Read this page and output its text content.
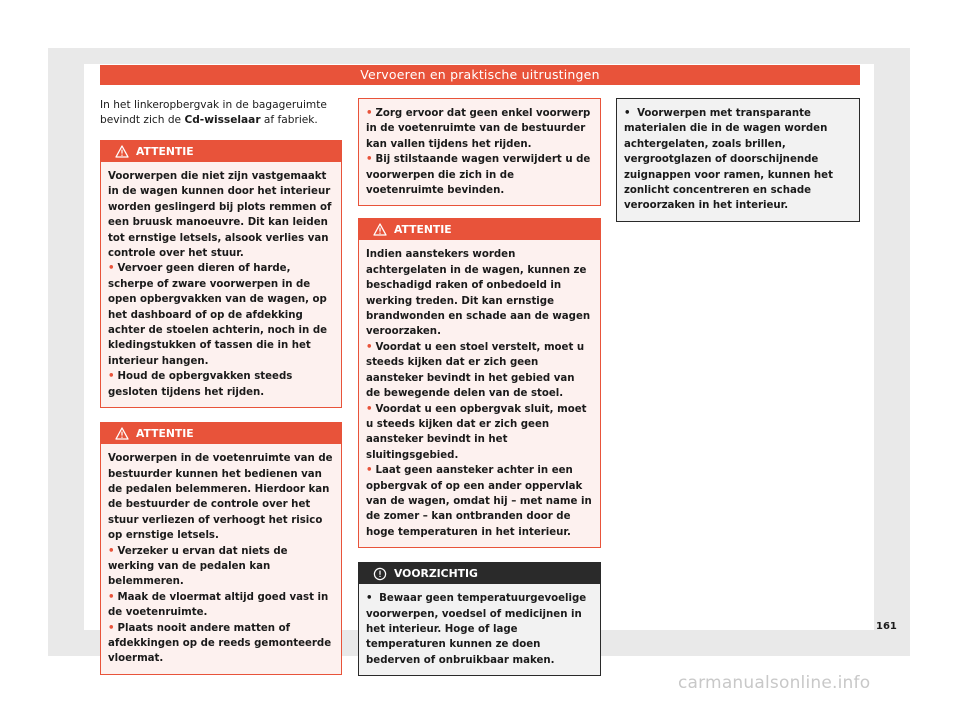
Vervoeren en praktische uitrustingen

In het linkeropbergvak in de bagageruimte bevindt zich de Cd-wisselaar af fabriek.

ATTENTIE

Voorwerpen die niet zijn vastgemaakt in de wagen kunnen door het interieur worden geslingerd bij plots remmen of een bruusk manoeuvre. Dit kan leiden tot ernstige letsels, alsook verlies van controle over het stuur.

• Vervoer geen dieren of harde, scherpe of zware voorwerpen in de open opbergvakken van de wagen, op het dashboard of op de afdekking achter de stoelen achterin, noch in de kledingstukken of tassen die in het interieur hangen.

• Houd de opbergvakken steeds gesloten tijdens het rijden.

ATTENTIE

Voorwerpen in de voetenruimte van de bestuurder kunnen het bedienen van de pedalen belemmeren. Hierdoor kan de bestuurder de controle over het stuur verliezen of verhoogt het risico op ernstige letsels.

• Verzeker u ervan dat niets de werking van de pedalen kan belemmeren.

• Maak de vloermat altijd goed vast in de voetenruimte.

• Plaats nooit andere matten of afdekkingen op de reeds gemonteerde vloermat.

• Zorg ervoor dat geen enkel voorwerp in de voetenruimte van de bestuurder kan vallen tijdens het rijden.

• Bij stilstaande wagen verwijdert u de voorwerpen die zich in de voetenruimte bevinden.

ATTENTIE

Indien aanstekers worden achtergelaten in de wagen, kunnen ze beschadigd raken of onbedoeld in werking treden. Dit kan ernstige brandwonden en schade aan de wagen veroorzaken.

• Voordat u een stoel verstelt, moet u steeds kijken dat er zich geen aansteker bevindt in het gebied van de bewegende delen van de stoel.

• Voordat u een opbergvak sluit, moet u steeds kijken dat er zich geen aansteker bevindt in het sluitingsgebied.

• Laat geen aansteker achter in een opbergvak of op een ander oppervlak van de wagen, omdat hij – met name in de zomer – kan ontbranden door de hoge temperaturen in het interieur.

VOORZICHTIG

• Bewaar geen temperatuurgevoelige voorwerpen, voedsel of medicijnen in het interieur. Hoge of lage temperaturen kunnen ze doen bederven of onbruikbaar maken.

• Voorwerpen met transparante materialen die in de wagen worden achtergelaten, zoals brillen, vergrootglazen of doorschijnende zuignappen voor ramen, kunnen het zonlicht concentreren en schade veroorzaken in het interieur.

161
carmanualsonline.info
